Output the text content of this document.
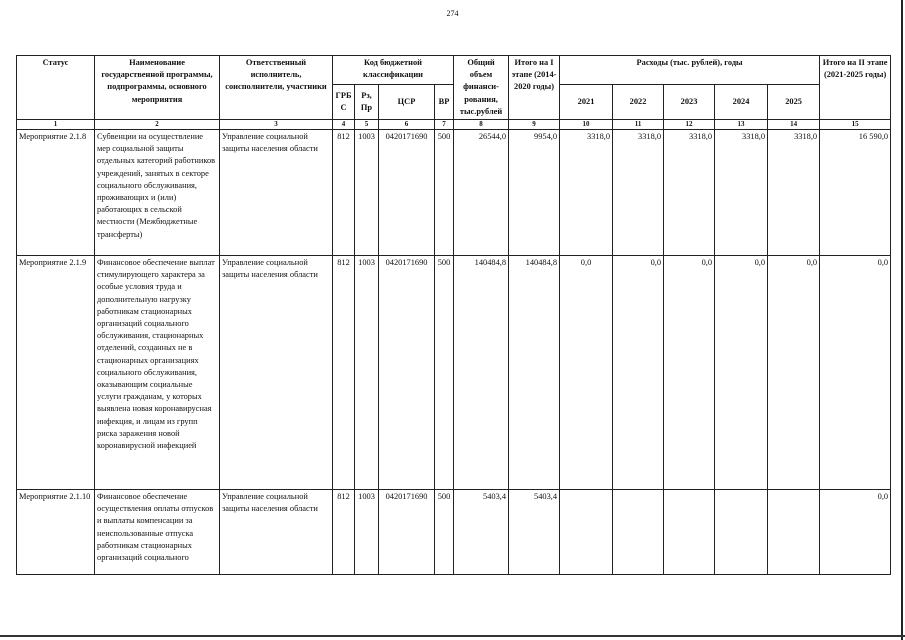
274
Статус	Наименование государственной программы, подпрограммы, основного мероприятия	Ответственный исполнитель, соисполнители, участники	Код бюджетной классификации				Общий объем финанси-рования, тыс.рублей	Итого на I этапе (2014-2020 годы)	Расходы (тыс. рублей), годы					Итого на II этапе (2021-2025 годы)
			ГРБ С	Рз, Пр	ЦСР	ВР			2021	2022	2023	2024	2025	
1	2	3	4	5	6	7	8	9	10	11	12	13	14	15
Мероприятие 2.1.8	Субвенции на осуществление мер социальной защиты отдельных категорий работников учреждений, занятых в секторе социального обслуживания, проживающих и (или) работающих в сельской местности (Межбюджетные трансферты)	Управление социальной защиты населения области	812	1003	0420171690	500	26544,0	9954,0	3318,0	3318,0	3318,0	3318,0	3318,0	16 590,0
Мероприятие 2.1.9	Финансовое обеспечение выплат стимулирующего характера за особые условия труда и дополнительную нагрузку работникам стационарных организаций социального обслуживания, стационарных отделений, созданных не в стационарных организациях социального обслуживания, оказывающим социальные услуги гражданам, у которых выявлена новая коронавирусная инфекция, и лицам из групп риска заражения новой коронавирусной инфекцией	Управление социальной защиты населения области	812	1003	0420171690	500	140484,8	140484,8	0,0	0,0	0,0	0,0	0,0	0,0
Мероприятие 2.1.10	Финансовое обеспечение осуществления оплаты отпусков и выплаты компенсации за неиспользованные отпуска работникам стационарных организаций социального	Управление социальной защиты населения области	812	1003	0420171690	500	5403,4	5403,4						0,0
